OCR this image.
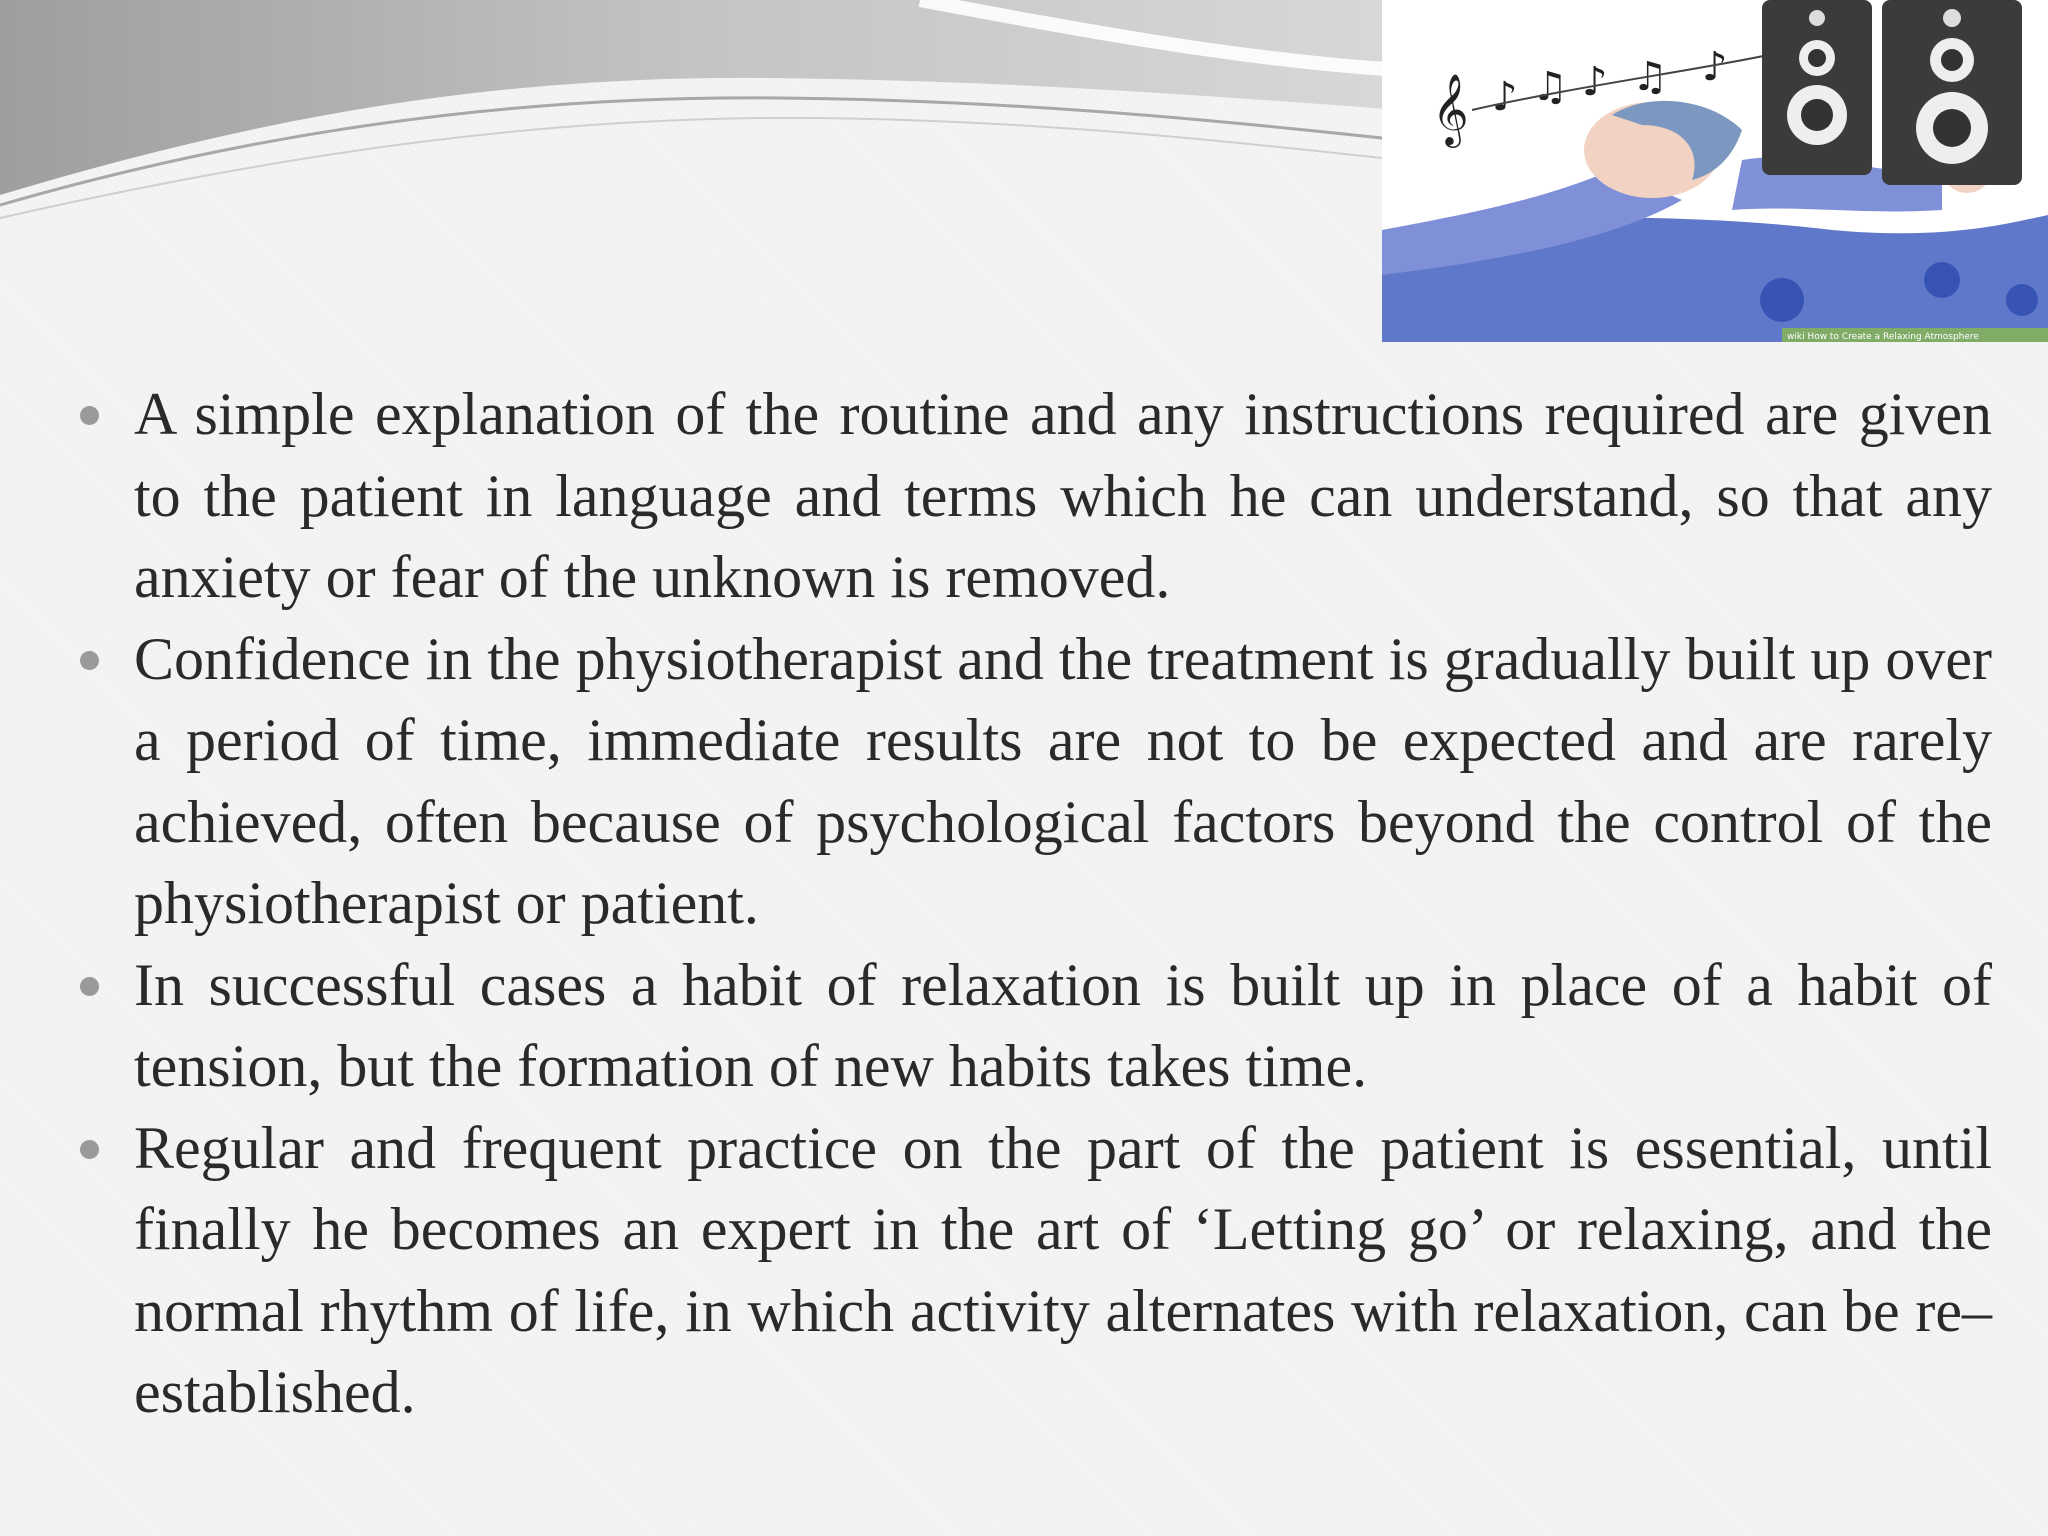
𝄞 ♪ ♫ ♪ ♫ ♪
wiki How to Create a Relaxing Atmosphere
A simple explanation of the routine and any instructions required are given to the patient in language and terms which he can understand, so that any anxiety or fear of the unknown is removed.
Confidence in the physiotherapist and the treatment is gradually built up over a period of time, immediate results are not to be expected and are rarely achieved, often because of psychological factors beyond the control of the physiotherapist or patient.
In successful cases a habit of relaxation is built up in place of a habit of tension, but the formation of new habits takes time.
Regular and frequent practice on the part of the patient is essential, until finally he becomes an expert in the art of ‘Letting go’ or relaxing, and the normal rhythm of life, in which activity alternates with relaxation, can be re–established.
